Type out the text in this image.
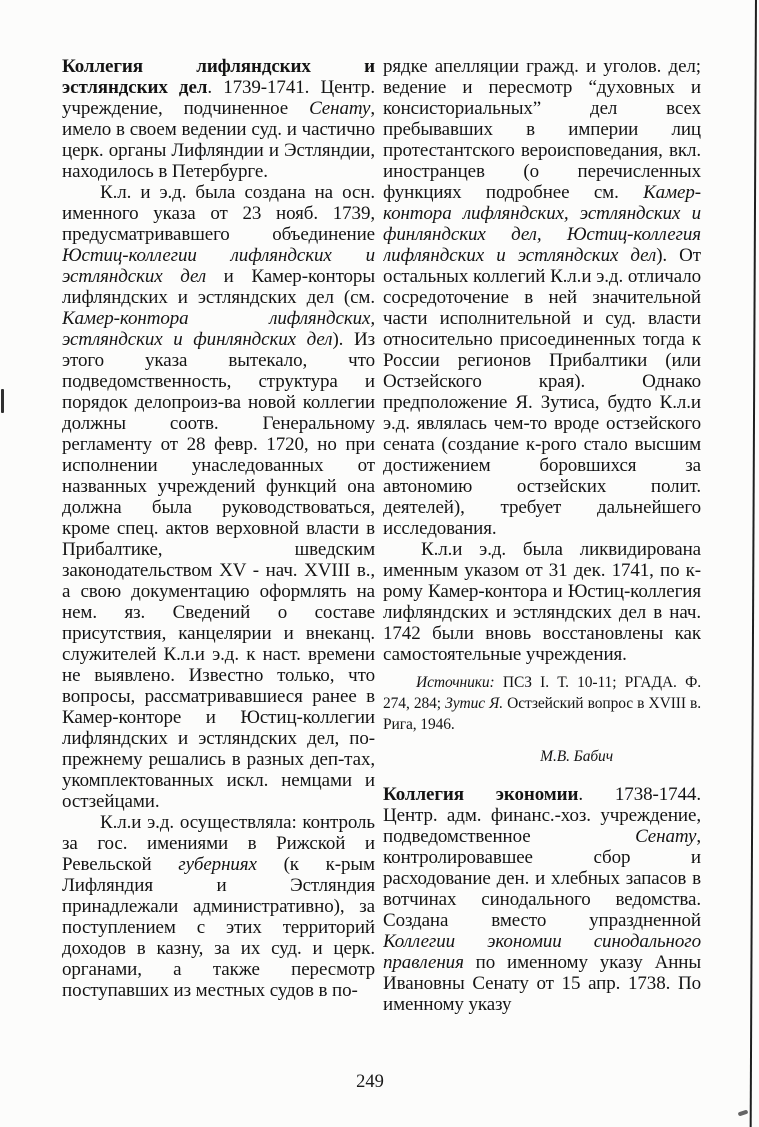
Коллегия лифляндских и эстляндских дел. 1739-1741. Центр. учреждение, подчиненное Сенату, имело в своем ведении суд. и частично церк. органы Лифляндии и Эстляндии, находилось в Петербурге.

К.л. и э.д. была создана на осн. именного указа от 23 нояб. 1739, предусматривавшего объединение Юстиц-коллегии лифляндских и эстляндских дел и Камер-конторы лифляндских и эстляндских дел (см. Камер-контора лифляндских, эстляндских и финляндских дел). Из этого указа вытекало, что подведомственность, структура и порядок делопроиз-ва новой коллегии должны соотв. Генеральному регламенту от 28 февр. 1720, но при исполнении унаследованных от названных учреждений функций она должна была руководствоваться, кроме спец. актов верховной власти в Прибалтике, шведским законодательством XV - нач. XVIII в., а свою документацию оформлять на нем. яз. Сведений о составе присутствия, канцелярии и внеканц. служителей К.л.и э.д. к наст. времени не выявлено. Известно только, что вопросы, рассматривавшиеся ранее в Камер-конторе и Юстиц-коллегии лифляндских и эстляндских дел, по-прежнему решались в разных деп-тах, укомплектованных искл. немцами и остзейцами.

К.л.и э.д. осуществляла: контроль за гос. имениями в Рижской и Ревельской губерниях (к к-рым Лифляндия и Эстляндия принадлежали административно), за поступлением с этих территорий доходов в казну, за их суд. и церк. органами, а также пересмотр поступавших из местных судов в по-

рядке апелляции гражд. и уголов. дел; ведение и пересмотр “духовных и консисториальных” дел всех пребывавших в империи лиц протестантского вероисповедания, вкл. иностранцев (о перечисленных функциях подробнее см. Камер-контора лифляндских, эстляндских и финляндских дел, Юстиц-коллегия лифляндских и эстляндских дел). От остальных коллегий К.л.и э.д. отличало сосредоточение в ней значительной части исполнительной и суд. власти относительно присоединенных тогда к России регионов Прибалтики (или Остзейского края). Однако предположение Я. Зутиса, будто К.л.и э.д. являлась чем-то вроде остзейского сената (создание к-рого стало высшим достижением боровшихся за автономию остзейских полит. деятелей), требует дальнейшего исследования.

К.л.и э.д. была ликвидирована именным указом от 31 дек. 1741, по к-рому Камер-контора и Юстиц-коллегия лифляндских и эстляндских дел в нач. 1742 были вновь восстановлены как самостоятельные учреждения.

Источники: ПСЗ I. Т. 10-11; РГАДА. Ф. 274, 284; Зутис Я. Остзейский вопрос в XVIII в. Рига, 1946.

М.В. Бабич

Коллегия экономии. 1738-1744. Центр. адм. финанс.-хоз. учреждение, подведомственное Сенату, контролировавшее сбор и расходование ден. и хлебных запасов в вотчинах синодального ведомства. Создана вместо упраздненной Коллегии экономии синодального правления по именному указу Анны Ивановны Сенату от 15 апр. 1738. По именному указу

249
